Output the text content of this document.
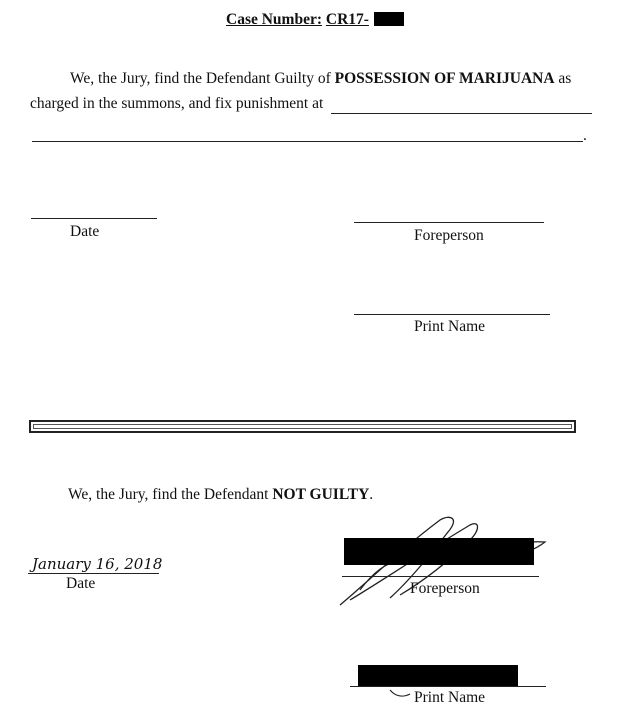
Case Number: CR17-
We, the Jury, find the Defendant Guilty of POSSESSION OF MARIJUANA as
charged in the summons, and fix punishment at
.
Date	Foreperson
Print Name
We, the Jury, find the Defendant NOT GUILTY.
January 16, 2018
Date	Foreperson
Print Name
